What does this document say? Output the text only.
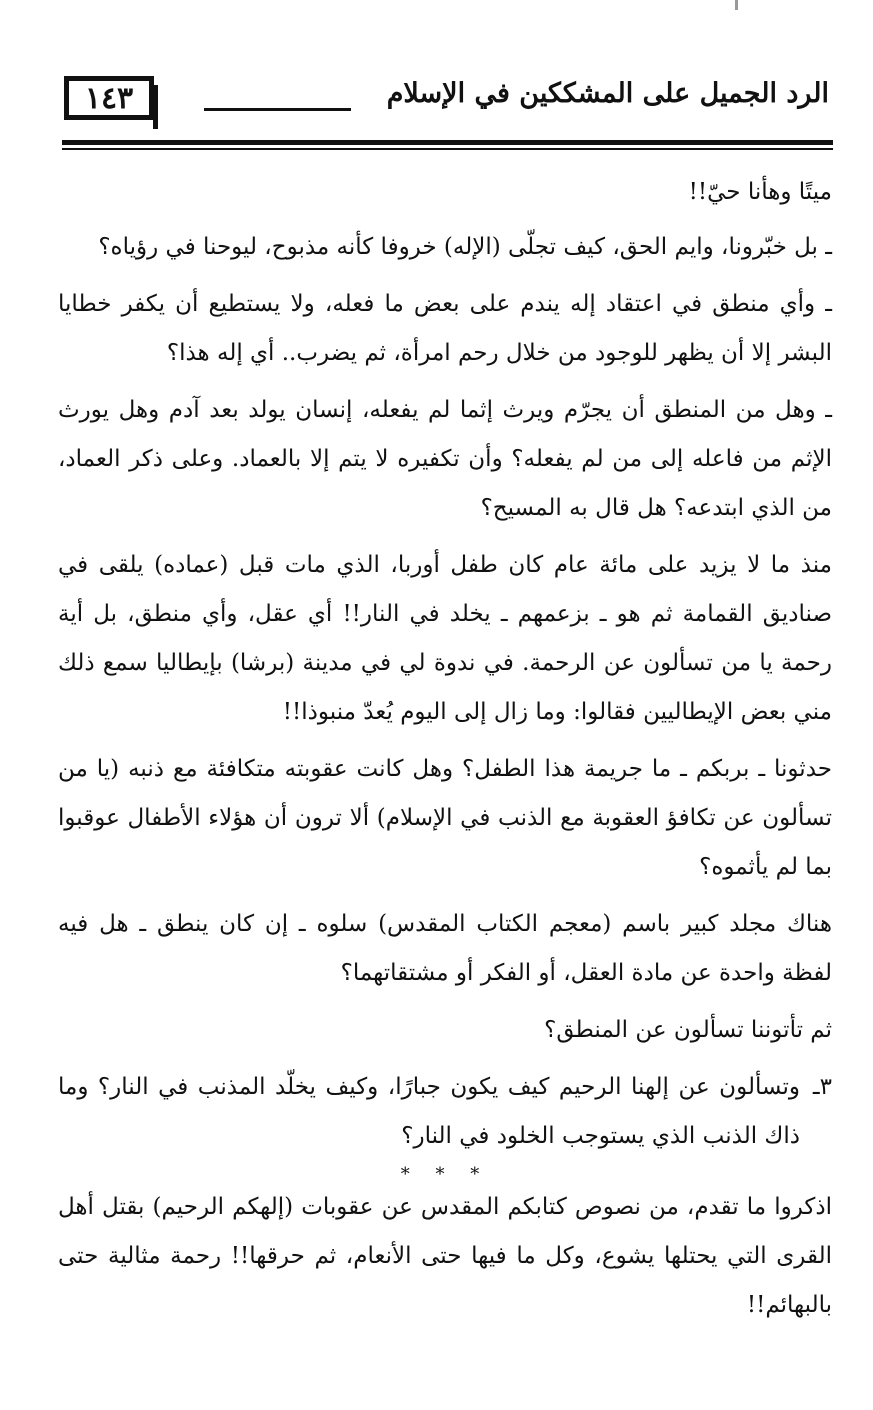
١٤٣	الرد الجميل على المشككين في الإسلام

ميتًا وهأنا حيّ!!

ـ بل خبّرونا، وايم الحق، كيف تجلّى (الإله) خروفا كأنه مذبوح، ليوحنا في رؤياه؟

ـ وأي منطق في اعتقاد إله يندم على بعض ما فعله، ولا يستطيع أن يكفر خطايا البشر إلا أن يظهر للوجود من خلال رحم امرأة، ثم يضرب.. أي إله هذا؟

ـ وهل من المنطق أن يجرّم ويرث إثما لم يفعله، إنسان يولد بعد آدم وهل يورث الإثم من فاعله إلى من لم يفعله؟ وأن تكفيره لا يتم إلا بالعماد. وعلى ذكر العماد، من الذي ابتدعه؟ هل قال به المسيح؟

منذ ما لا يزيد على مائة عام كان طفل أوربا، الذي مات قبل (عماده) يلقى في صناديق القمامة ثم هو ـ بزعمهم ـ يخلد في النار!! أي عقل، وأي منطق، بل أية رحمة يا من تسألون عن الرحمة. في ندوة لي في مدينة (برشا) بإيطاليا سمع ذلك مني بعض الإيطاليين فقالوا: وما زال إلى اليوم يُعدّ منبوذا!!

حدثونا ـ بربكم ـ ما جريمة هذا الطفل؟ وهل كانت عقوبته متكافئة مع ذنبه (يا من تسألون عن تكافؤ العقوبة مع الذنب في الإسلام) ألا ترون أن هؤلاء الأطفال عوقبوا بما لم يأثموه؟

هناك مجلد كبير باسم (معجم الكتاب المقدس) سلوه ـ إن كان ينطق ـ هل فيه لفظة واحدة عن مادة العقل، أو الفكر أو مشتقاتهما؟

ثم تأتوننا تسألون عن المنطق؟

٣ـ
وتسألون عن إلهنا الرحيم كيف يكون جبارًا، وكيف يخلّد المذنب في النار؟ وما ذاك الذنب الذي يستوجب الخلود في النار؟
* * *

اذكروا ما تقدم، من نصوص كتابكم المقدس عن عقوبات (إلهكم الرحيم) بقتل أهل القرى التي يحتلها يشوع، وكل ما فيها حتى الأنعام، ثم حرقها!! رحمة مثالية حتى بالبهائم!!
